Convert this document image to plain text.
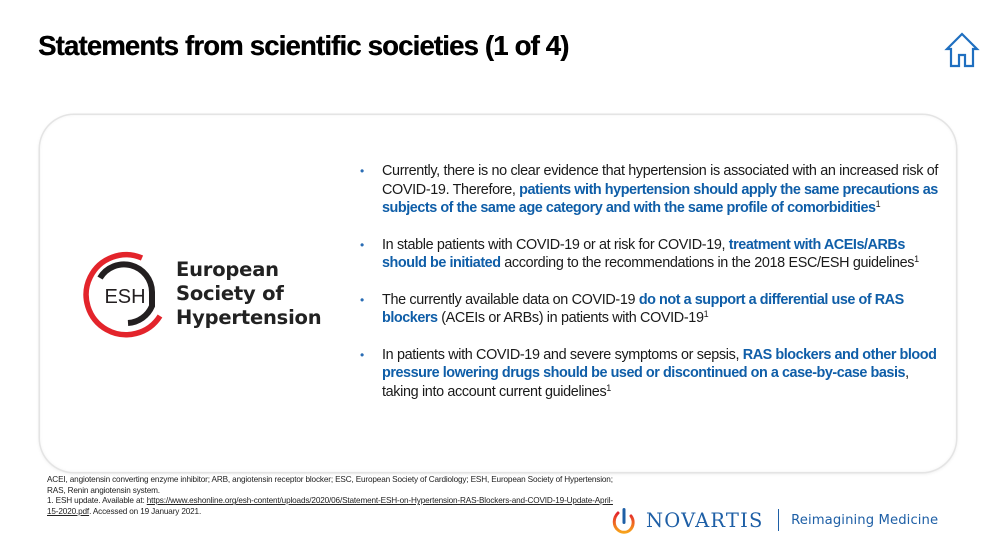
Statements from scientific societies (1 of 4)
ESH
European
Society of
Hypertension
• Currently, there is no clear evidence that hypertension is associated with an increased risk of COVID-19. Therefore, patients with hypertension should apply the same precautions as subjects of the same age category and with the same profile of comorbidities$^1$
• In stable patients with COVID-19 or at risk for COVID-19, treatment with ACEIs/ARBs should be initiated according to the recommendations in the 2018 ESC/ESH guidelines$^1$
• The currently available data on COVID-19 do not a support a differential use of RAS blockers (ACEIs or ARBs) in patients with COVID-$19^1$
• In patients with COVID-19 and severe symptoms or sepsis, RAS blockers and other blood pressure lowering drugs should be used or discontinued on a case-by-case basis, taking into account current guidelines$^1$
ACEI, angiotensin converting enzyme inhibitor; ARB, angiotensin receptor blocker; ESC, European Society of Cardiology; ESH, European Society of Hypertension; RAS, Renin angiotensin system.
1. ESH update. Available at: https://www.eshonline.org/esh-content/uploads/2020/06/Statement-ESH-on-Hypertension-RAS-Blockers-and-COVID-19-Update-April-15-2020.pdf. Accessed on 19 January 2021.	NOVARTIS Reimagining Medicine
